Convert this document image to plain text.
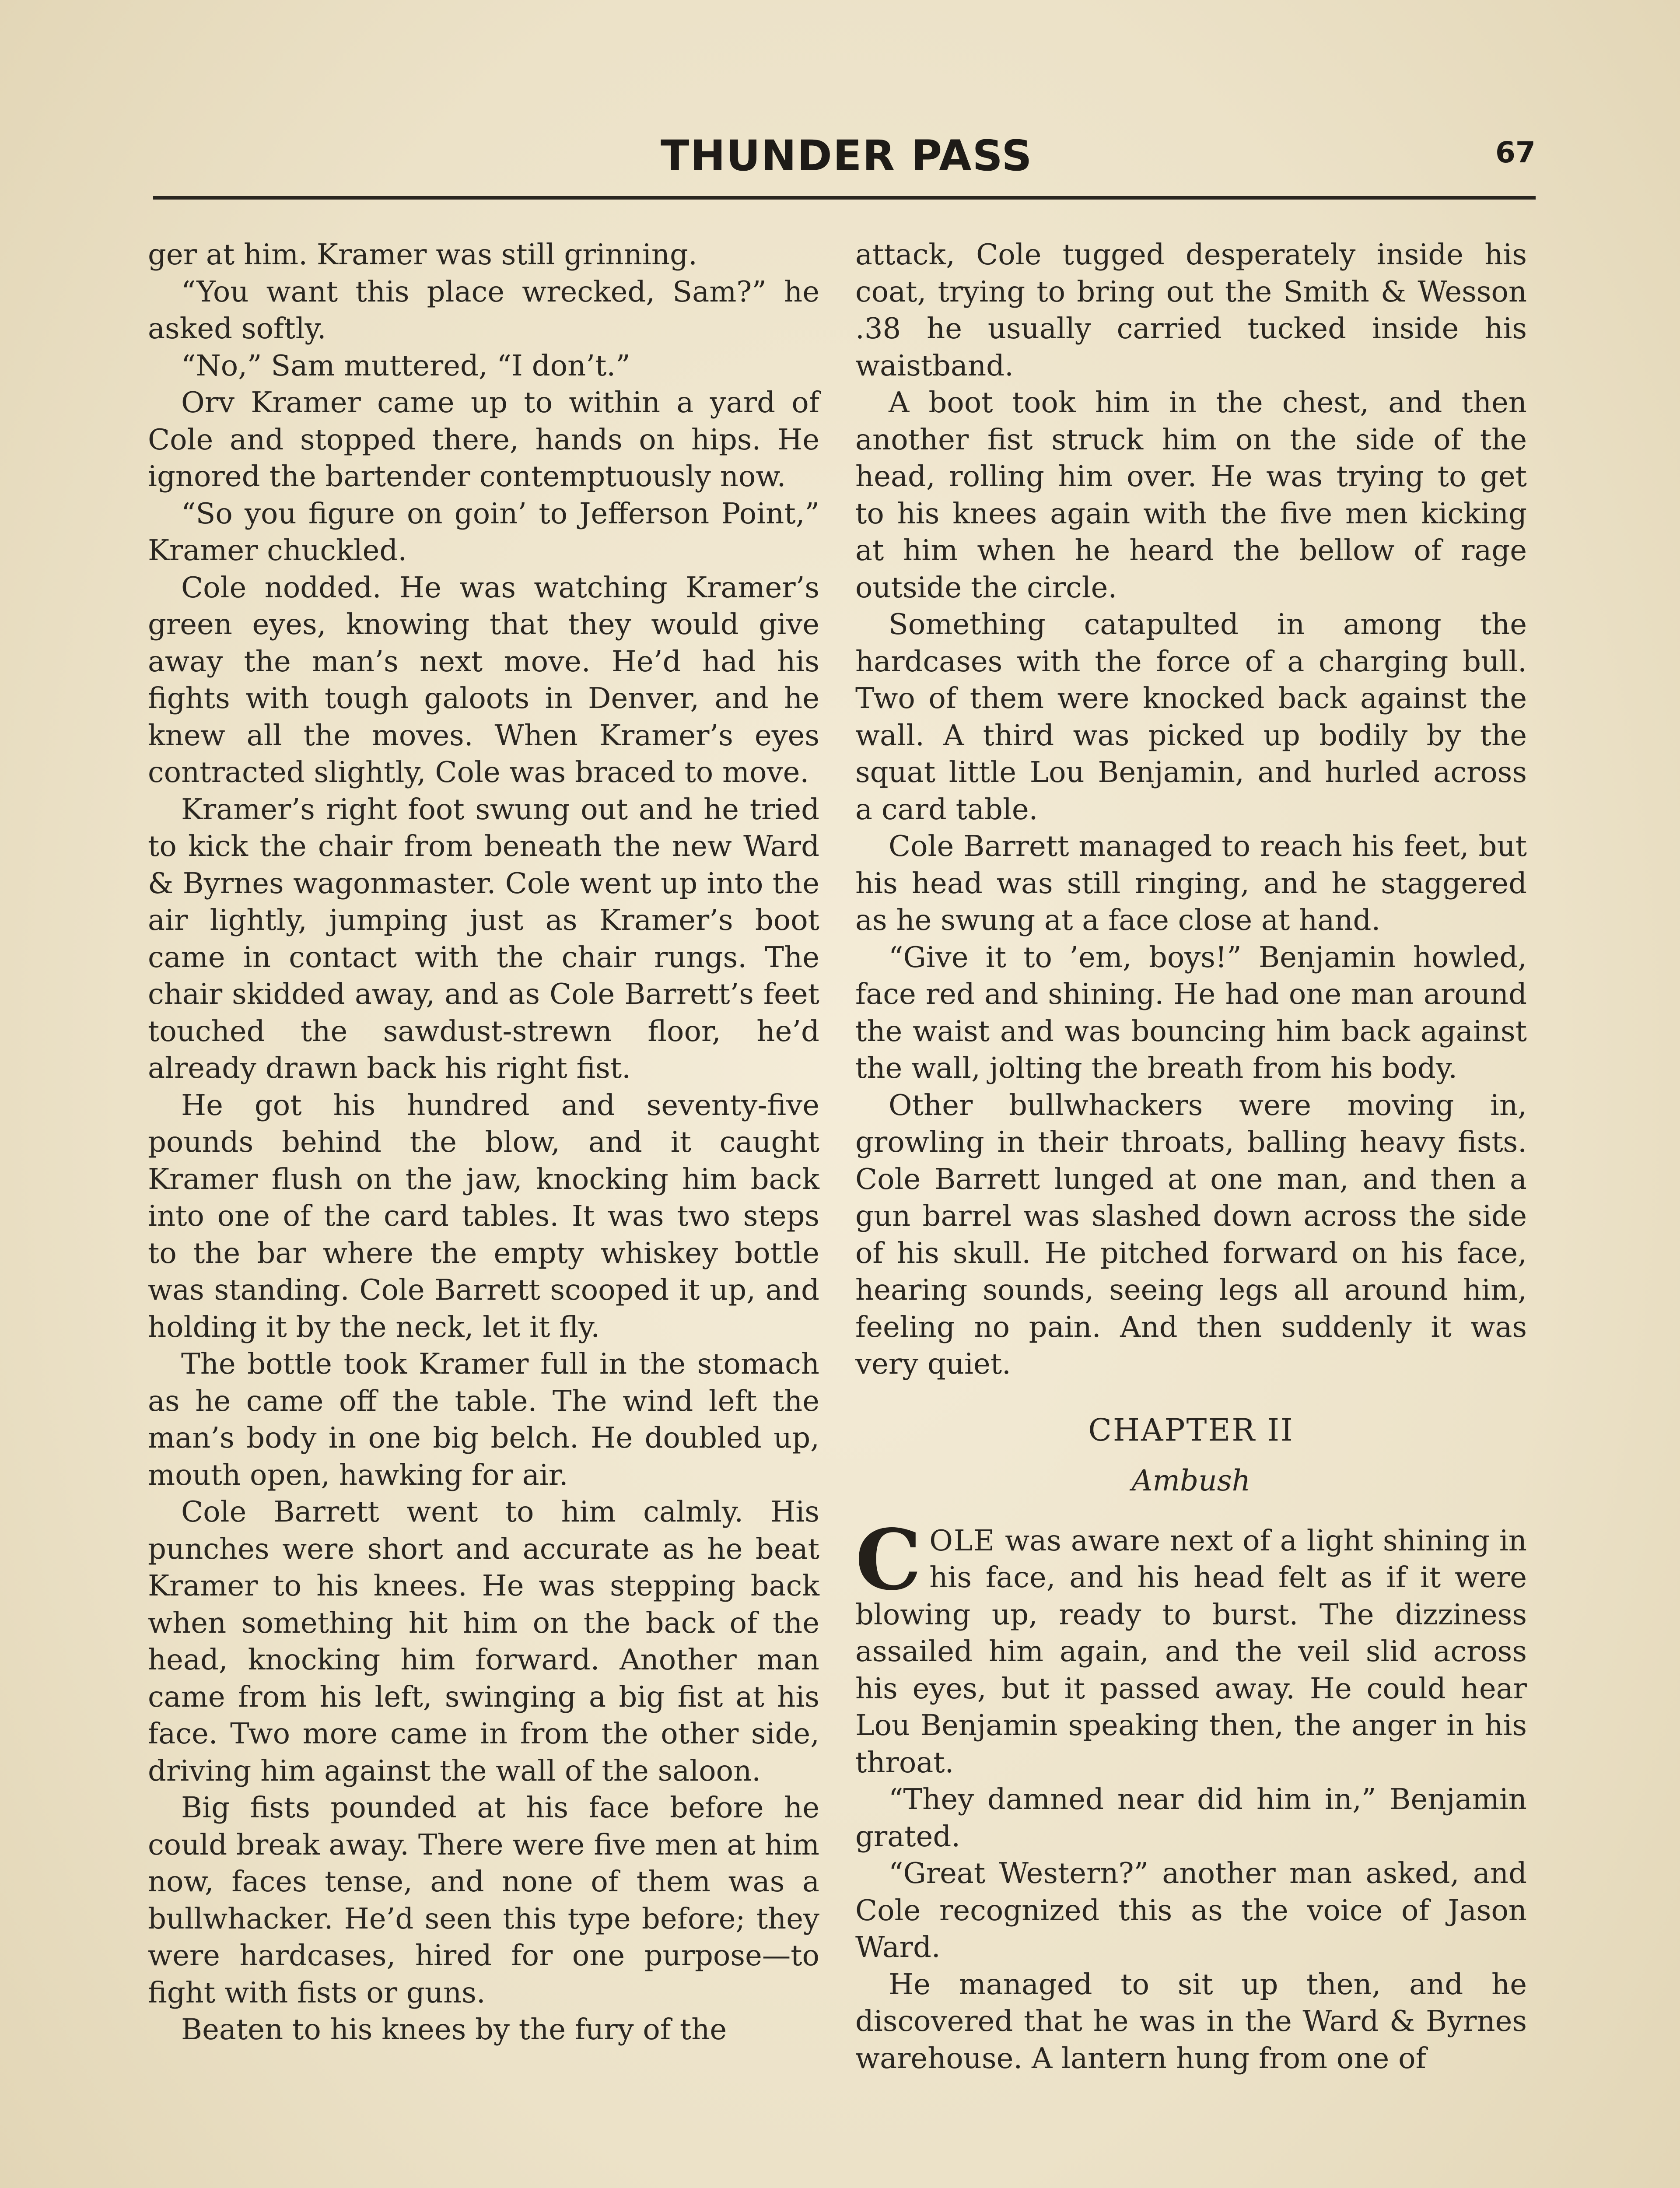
THUNDER PASS	67

ger at him. Kramer was still grinning.

“You want this place wrecked, Sam?” he asked softly.

“No,” Sam muttered, “I don’t.”

Orv Kramer came up to within a yard of Cole and stopped there, hands on hips. He ignored the bartender contemptuously now.

“So you figure on goin’ to Jefferson Point,” Kramer chuckled.

Cole nodded. He was watching Kramer’s green eyes, knowing that they would give away the man’s next move. He’d had his fights with tough galoots in Denver, and he knew all the moves. When Kramer’s eyes contracted slightly, Cole was braced to move.

Kramer’s right foot swung out and he tried to kick the chair from beneath the new Ward & Byrnes wagonmaster. Cole went up into the air lightly, jumping just as Kramer’s boot came in contact with the chair rungs. The chair skidded away, and as Cole Barrett’s feet touched the sawdust-strewn floor, he’d already drawn back his right fist.

He got his hundred and seventy-five pounds behind the blow, and it caught Kramer flush on the jaw, knocking him back into one of the card tables. It was two steps to the bar where the empty whiskey bottle was standing. Cole Barrett scooped it up, and holding it by the neck, let it fly.

The bottle took Kramer full in the stomach as he came off the table. The wind left the man’s body in one big belch. He doubled up, mouth open, hawking for air.

Cole Barrett went to him calmly. His punches were short and accurate as he beat Kramer to his knees. He was stepping back when something hit him on the back of the head, knocking him forward. Another man came from his left, swinging a big fist at his face. Two more came in from the other side, driving him against the wall of the saloon.

Big fists pounded at his face before he could break away. There were five men at him now, faces tense, and none of them was a bullwhacker. He’d seen this type before; they were hardcases, hired for one purpose—to fight with fists or guns.

Beaten to his knees by the fury of the

attack, Cole tugged desperately inside his coat, trying to bring out the Smith & Wesson .38 he usually carried tucked inside his waistband.

A boot took him in the chest, and then another fist struck him on the side of the head, rolling him over. He was trying to get to his knees again with the five men kicking at him when he heard the bellow of rage outside the circle.

Something catapulted in among the hardcases with the force of a charging bull. Two of them were knocked back against the wall. A third was picked up bodily by the squat little Lou Benjamin, and hurled across a card table.

Cole Barrett managed to reach his feet, but his head was still ringing, and he staggered as he swung at a face close at hand.

“Give it to ’em, boys!” Benjamin howled, face red and shining. He had one man around the waist and was bouncing him back against the wall, jolting the breath from his body.

Other bullwhackers were moving in, growling in their throats, balling heavy fists. Cole Barrett lunged at one man, and then a gun barrel was slashed down across the side of his skull. He pitched forward on his face, hearing sounds, seeing legs all around him, feeling no pain. And then suddenly it was very quiet.

CHAPTER II
Ambush

COLE was aware next of a light shining in his face, and his head felt as if it were blowing up, ready to burst. The dizziness assailed him again, and the veil slid across his eyes, but it passed away. He could hear Lou Benjamin speaking then, the anger in his throat.

“They damned near did him in,” Benjamin grated.

“Great Western?” another man asked, and Cole recognized this as the voice of Jason Ward.

He managed to sit up then, and he discovered that he was in the Ward & Byrnes warehouse. A lantern hung from one of
